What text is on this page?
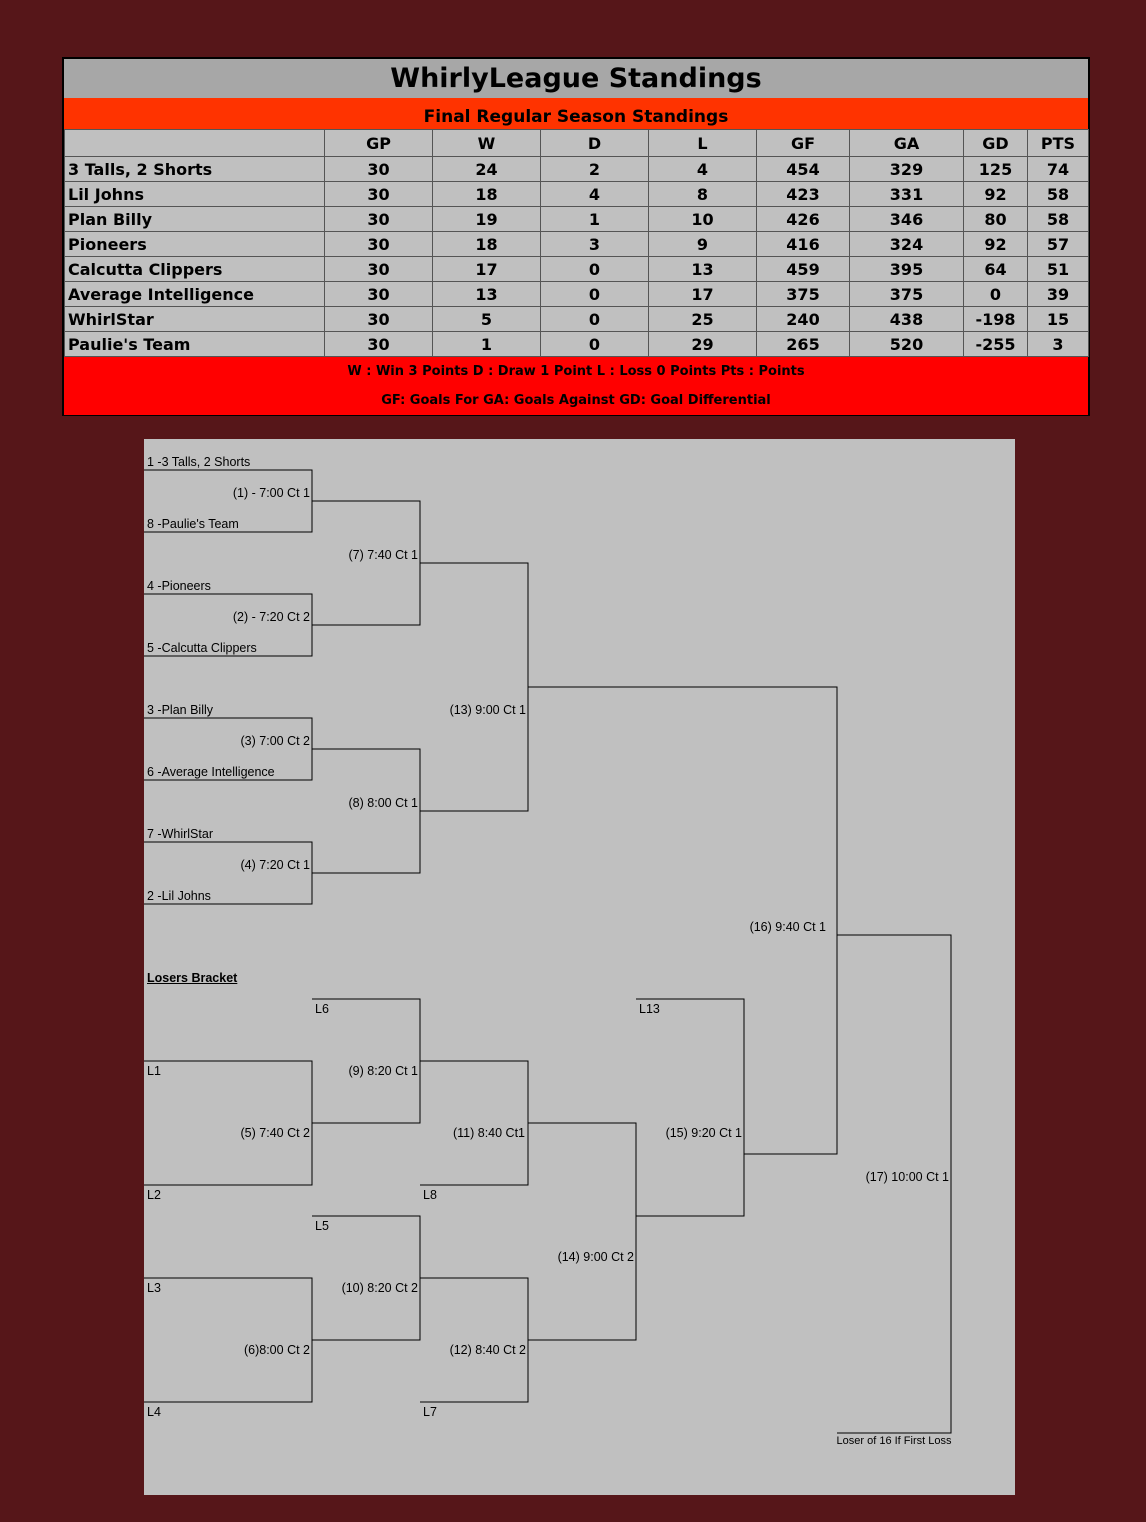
WhirlyLeague Standings
Final Regular Season Standings
	GP	W	D	L	GF	GA	GD	PTS
3 Talls, 2 Shorts	30	24	2	4	454	329	125	74
Lil Johns	30	18	4	8	423	331	92	58
Plan Billy	30	19	1	10	426	346	80	58
Pioneers	30	18	3	9	416	324	92	57
Calcutta Clippers	30	17	0	13	459	395	64	51
Average Intelligence	30	13	0	17	375	375	0	39
WhirlStar	30	5	0	25	240	438	-198	15
Paulie's Team	30	1	0	29	265	520	-255	3
W : Win 3 Points D : Draw 1 Point L : Loss 0 Points Pts : Points
GF: Goals For GA: Goals Against GD: Goal Differential
1 -3 Talls, 2 Shorts
(1) - 7:00 Ct 1
8 -Paulie's Team
4 -Pioneers
(2) - 7:20 Ct 2
5 -Calcutta Clippers
3 -Plan Billy
(3) 7:00 Ct 2
6 -Average Intelligence
7 -WhirlStar
(4) 7:20 Ct 1
2 -Lil Johns
(7) 7:40 Ct 1
(8) 8:00 Ct 1
(13) 9:00 Ct 1
(16) 9:40 Ct 1
Losers Bracket
L6	L13
L1	(9) 8:20 Ct 1
(5) 7:40 Ct 2	(11) 8:40 Ct1	(15) 9:20 Ct 1
L2	L8
(17) 10:00 Ct 1
L5
(14) 9:00 Ct 2
L3	(10) 8:20 Ct 2
(6)8:00 Ct 2	(12) 8:40 Ct 2
L4	L7
Loser of 16 If First Loss
